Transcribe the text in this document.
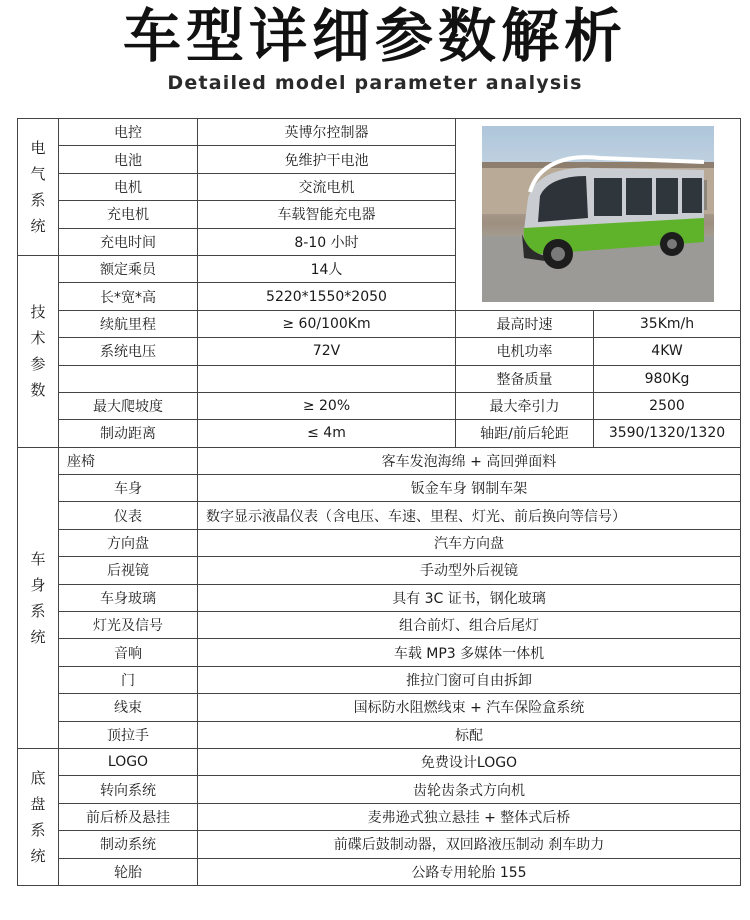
车型详细参数解析
Detailed model parameter analysis
电
气
系
统	电控	英博尔控制器	

	电池	免维护干电池		
	电机	交流电机		
	充电机	车载智能充电器		
	充电时间	8-10 小时		

技
术
参
数	额定乘员	14人		
	长*宽*高	5220*1550*2050		
	续航里程	≥ 60/100Km	最高时速	35Km/h
	系统电压	72V	电机功率	4KW
			整备质量	980Kg
	最大爬坡度	≥ 20%	最大牵引力	2500
	制动距离	≤ 4m	轴距/前后轮距	3590/1320/1320

车
身
系
统	座椅	客车发泡海绵 + 高回弹面料		
	车身	钣金车身 钢制车架		
	仪表	数字显示液晶仪表（含电压、车速、里程、灯光、前后换向等信号）		
	方向盘	汽车方向盘		
	后视镜	手动型外后视镜		
	车身玻璃	具有 3C 证书，钢化玻璃		
	灯光及信号	组合前灯、组合后尾灯		
	音响	车载 MP3 多媒体一体机		
	门	推拉门窗可自由拆卸		
	线束	国标防水阻燃线束 + 汽车保险盒系统		
	顶拉手	标配		

底
盘
系
统	LOGO	免费设计LOGO		
	转向系统	齿轮齿条式方向机		
	前后桥及悬挂	麦弗逊式独立悬挂 + 整体式后桥		
	制动系统	前碟后鼓制动器，双回路液压制动 刹车助力		
	轮胎	公路专用轮胎 155		
